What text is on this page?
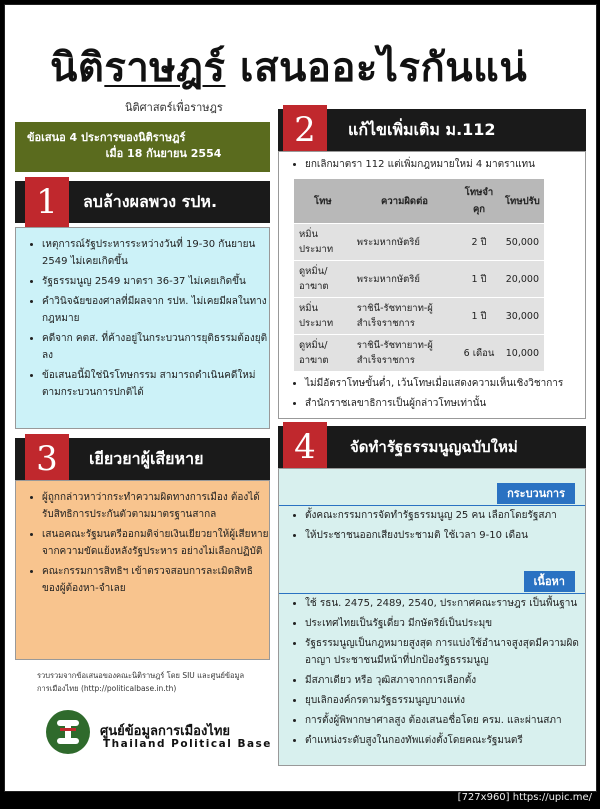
นิติราษฎร์ เสนออะไรกันแน่
นิติศาสตร์เพื่อราษฎร
ข้อเสนอ 4 ประการของนิติราษฎร์
เมื่อ 18 กันยายน 2554
ลบล้างผลพวง รปห.
1
• เหตุการณ์รัฐประหารระหว่างวันที่ 19-30 กันยายน 2549 ไม่เคยเกิดขึ้น
• รัฐธรรมนูญ 2549 มาตรา 36-37 ไม่เคยเกิดขึ้น
• คำวินิจฉัยของศาลที่มีผลจาก รปห. ไม่เคยมีผลในทางกฎหมาย
• คดีจาก คตส. ที่ค้างอยู่ในกระบวนการยุติธรรมต้องยุติลง
• ข้อเสนอนี้มิใช่นิรโทษกรรม สามารถดำเนินคดีใหม่ตามกระบวนการปกติได้
แก้ไขเพิ่มเติม ม.112
2
• ยกเลิกมาตรา 112 แต่เพิ่มกฎหมายใหม่ 4 มาตราแทน
โทษ	ความผิดต่อ	โทษจำคุก	โทษปรับ
หมิ่นประมาท	พระมหากษัตริย์	2 ปี	50,000
ดูหมิ่น/อาฆาต	พระมหากษัตริย์	1 ปี	20,000
หมิ่นประมาท	ราชินี-รัชทายาท-ผู้สำเร็จราชการ	1 ปี	30,000
ดูหมิ่น/อาฆาต	ราชินี-รัชทายาท-ผู้สำเร็จราชการ	6 เดือน	10,000
• ไม่มีอัตราโทษขั้นต่ำ, เว้นโทษเมื่อแสดงความเห็นเชิงวิชาการ
• สำนักราชเลขาธิการเป็นผู้กล่าวโทษเท่านั้น
เยียวยาผู้เสียหาย
3
• ผู้ถูกกล่าวหาว่ากระทำความผิดทางการเมือง ต้องได้รับสิทธิการประกันตัวตามมาตรฐานสากล
• เสนอคณะรัฐมนตรีออกมติจ่ายเงินเยียวยาให้ผู้เสียหายจากความขัดแย้งหลังรัฐประหาร อย่างไม่เลือกปฏิบัติ
• คณะกรรมการสิทธิฯ เข้าตรวจสอบการละเมิดสิทธิของผู้ต้องหา-จำเลย
จัดทำรัฐธรรมนูญฉบับใหม่
4
กระบวนการ
• ตั้งคณะกรรมการจัดทำรัฐธรรมนูญ 25 คน เลือกโดยรัฐสภา
• ให้ประชาชนออกเสียงประชามติ ใช้เวลา 9-10 เดือน
เนื้อหา
• ใช้ รธน. 2475, 2489, 2540, ประกาศคณะราษฎร เป็นพื้นฐาน
• ประเทศไทยเป็นรัฐเดี่ยว มีกษัตริย์เป็นประมุข
• รัฐธรรมนูญเป็นกฎหมายสูงสุด การแบ่งใช้อำนาจสูงสุดมีความผิดอาญา ประชาชนมีหน้าที่ปกป้องรัฐธรรมนูญ
• มีสภาเดียว หรือ วุฒิสภาจากการเลือกตั้ง
• ยุบเลิกองค์กรตามรัฐธรรมนูญบางแห่ง
• การตั้งผู้พิพากษาศาลสูง ต้องเสนอชื่อโดย ครม. และผ่านสภา
• ตำแหน่งระดับสูงในกองทัพแต่งตั้งโดยคณะรัฐมนตรี
รวบรวมจากข้อเสนอของคณะนิติราษฎร์ โดย SIU และศูนย์ข้อมูล
การเมืองไทย (http://politicalbase.in.th)
ศูนย์ข้อมูลการเมืองไทย
Thailand Political Base
[727x960] https://upic.me/
